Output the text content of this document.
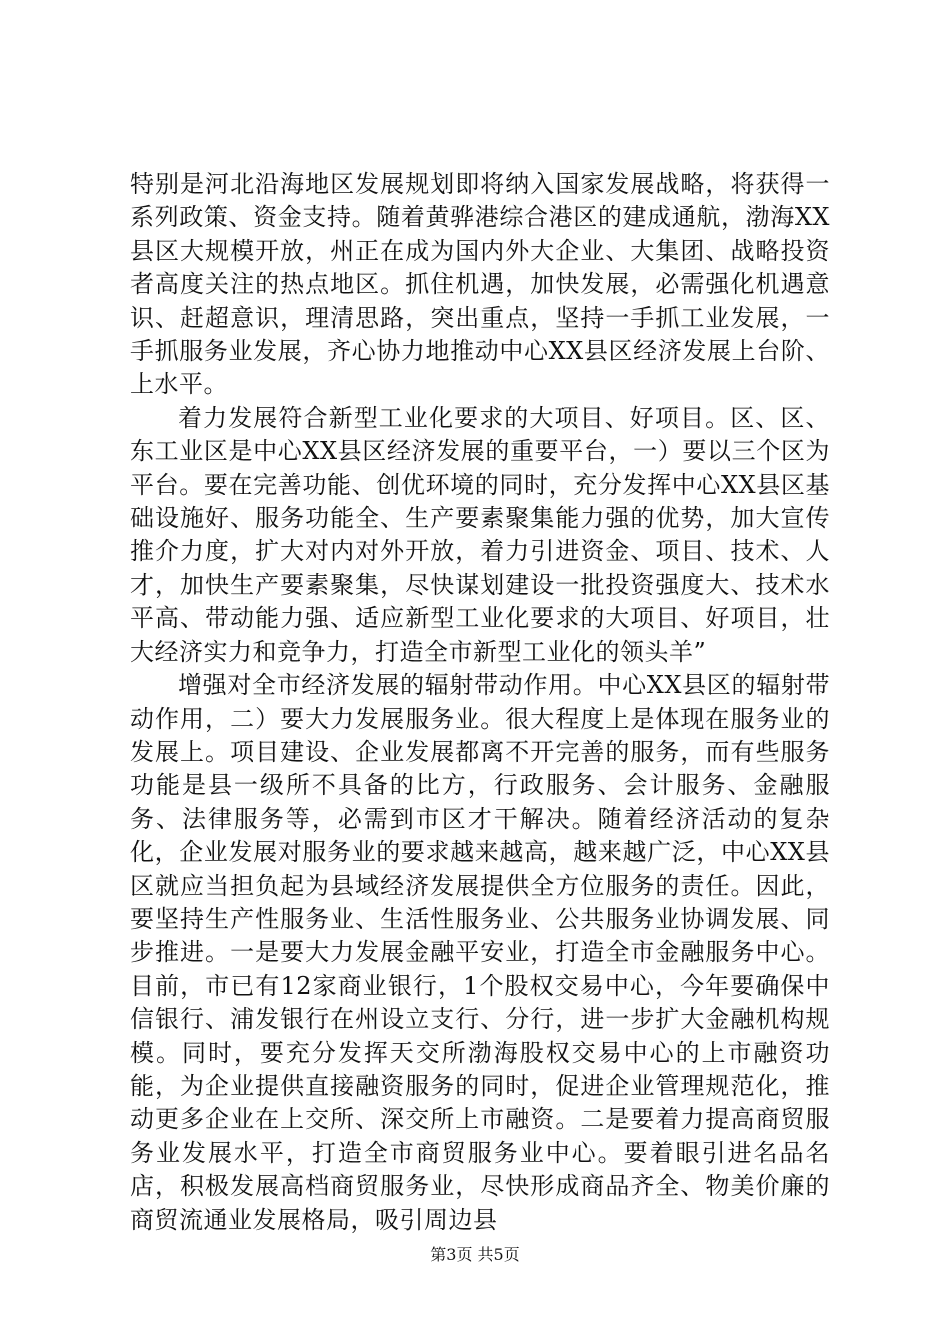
特别是河北沿海地区发展规划即将纳入国家发展战略，将获得一系列政策、资金支持。随着黄骅港综合港区的建成通航，渤海XX县区大规模开放，州正在成为国内外大企业、大集团、战略投资者高度关注的热点地区。抓住机遇，加快发展，必需强化机遇意识、赶超意识，理清思路，突出重点，坚持一手抓工业发展，一手抓服务业发展，齐心协力地推动中心XX县区经济发展上台阶、上水平。

着力发展符合新型工业化要求的大项目、好项目。区、区、东工业区是中心XX县区经济发展的重要平台，一）要以三个区为平台。要在完善功能、创优环境的同时，充分发挥中心XX县区基础设施好、服务功能全、生产要素聚集能力强的优势，加大宣传推介力度，扩大对内对外开放，着力引进资金、项目、技术、人才，加快生产要素聚集，尽快谋划建设一批投资强度大、技术水平高、带动能力强、适应新型工业化要求的大项目、好项目，壮大经济实力和竞争力，打造全市新型工业化的领头羊”

增强对全市经济发展的辐射带动作用。中心XX县区的辐射带动作用，二）要大力发展服务业。很大程度上是体现在服务业的发展上。项目建设、企业发展都离不开完善的服务，而有些服务功能是县一级所不具备的比方，行政服务、会计服务、金融服务、法律服务等，必需到市区才干解决。随着经济活动的复杂化，企业发展对服务业的要求越来越高，越来越广泛，中心XX县区就应当担负起为县域经济发展提供全方位服务的责任。因此，要坚持生产性服务业、生活性服务业、公共服务业协调发展、同步推进。一是要大力发展金融平安业，打造全市金融服务中心。目前，市已有12家商业银行，1个股权交易中心，今年要确保中信银行、浦发银行在州设立支行、分行，进一步扩大金融机构规模。同时，要充分发挥天交所渤海股权交易中心的上市融资功能，为企业提供直接融资服务的同时，促进企业管理规范化，推动更多企业在上交所、深交所上市融资。二是要着力提高商贸服务业发展水平，打造全市商贸服务业中心。要着眼引进名品名店，积极发展高档商贸服务业，尽快形成商品齐全、物美价廉的商贸流通业发展格局，吸引周边县

第3页 共5页
